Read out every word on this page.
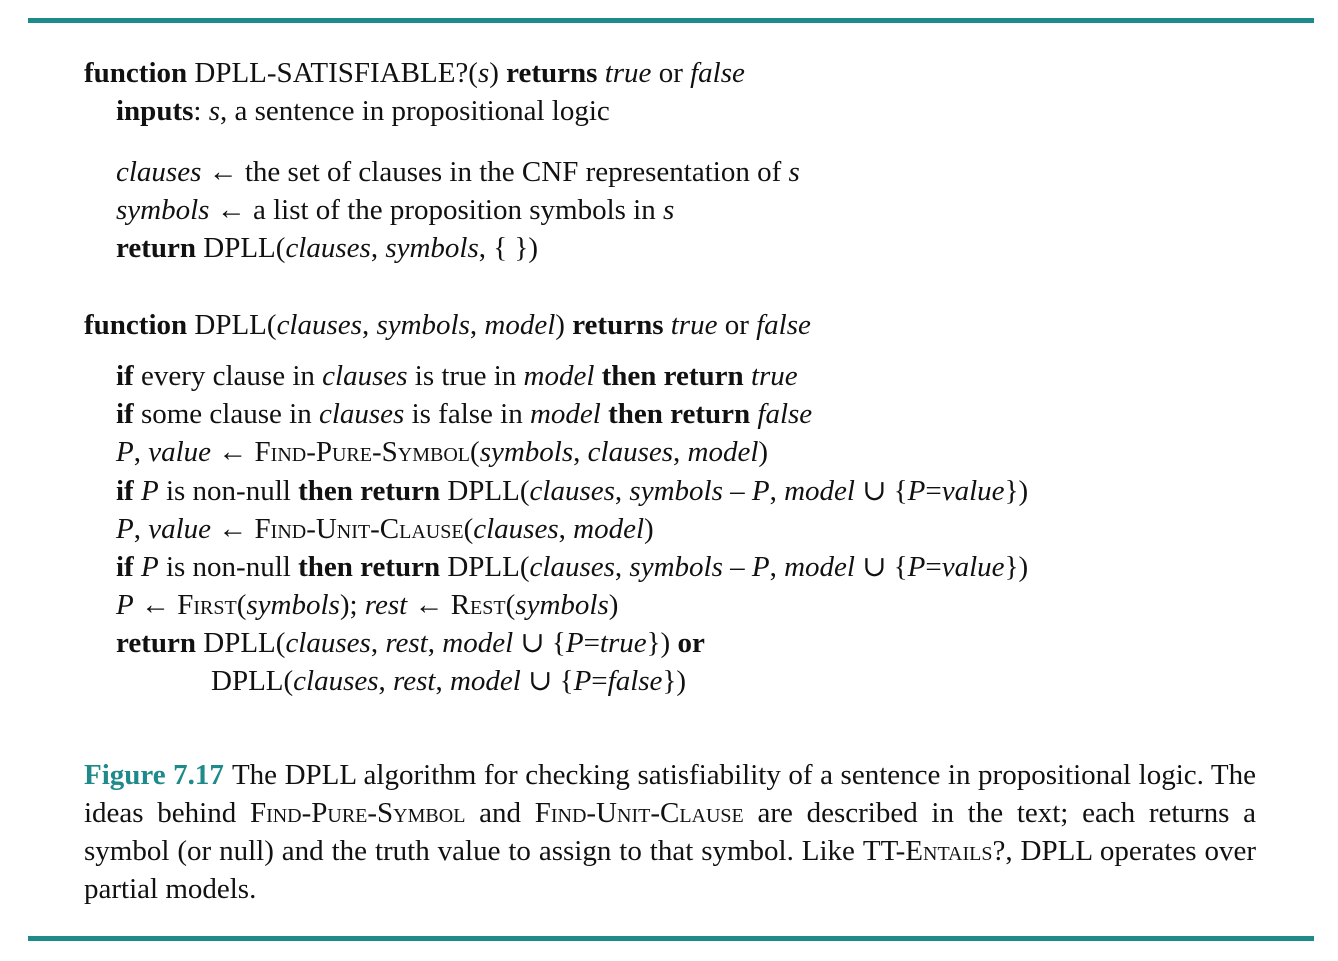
function DPLL-SATISFIABLE?(s) returns true or false
inputs: s, a sentence in propositional logic
clauses ← the set of clauses in the CNF representation of s
symbols ← a list of the proposition symbols in s
return DPLL(clauses, symbols, { })
function DPLL(clauses, symbols, model) returns true or false
if every clause in clauses is true in model then return true
if some clause in clauses is false in model then return false
P, value ← Find-Pure-Symbol(symbols, clauses, model)
if P is non-null then return DPLL(clauses, symbols – P, model ∪ {P=value})
P, value ← Find-Unit-Clause(clauses, model)
if P is non-null then return DPLL(clauses, symbols – P, model ∪ {P=value})
P ← First(symbols); rest ← Rest(symbols)
return DPLL(clauses, rest, model ∪ {P=true}) or
DPLL(clauses, rest, model ∪ {P=false})
Figure 7.17 The DPLL algorithm for checking satisfiability of a sentence in propositional logic. The ideas behind Find-Pure-Symbol and Find-Unit-Clause are described in the text; each returns a symbol (or null) and the truth value to assign to that symbol. Like TT-Entails?, DPLL operates over partial models.
